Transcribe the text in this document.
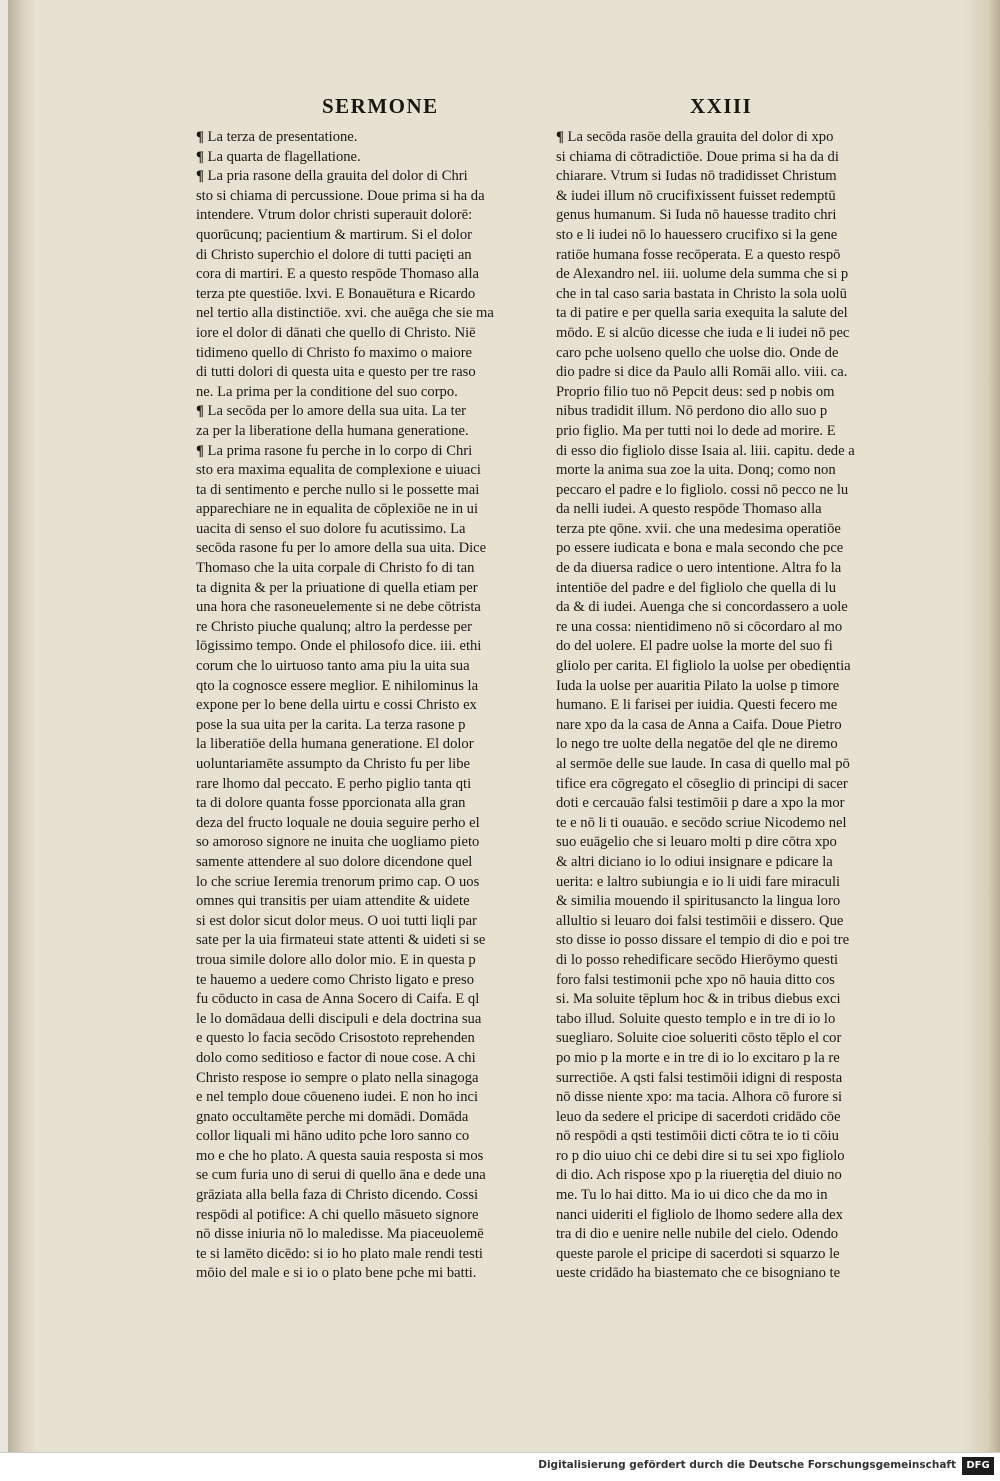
SERMONE	XXIII

¶ La terza de presentatione.

¶ La quarta de flagellatione.

¶ La pria rasone della grauita del dolor di Chri

sto si chiama di percussione. Doue prima si ha da

intendere. Vtrum dolor christi superauit dolorē:

quorūcunq; pacientium & martirum. Si el dolor

di Christo superchio el dolore di tutti pacięti an

cora di martiri. E a questo respōde Thomaso alla

terza pte questiōe. lxvi. E Bonauētura e Ricardo

nel tertio alla distinctiōe. xvi. che auēga che sie ma

iore el dolor di dānati che quello di Christo. Niē

tidimeno quello di Christo fo maximo o maiore

di tutti dolori di questa uita e questo per tre raso

ne. La prima per la conditione del suo corpo.

¶ La secōda per lo amore della sua uita. La ter

za per la liberatione della humana generatione.

¶ La prima rasone fu perche in lo corpo di Chri

sto era maxima equalita de complexione e uiuaci

ta di sentimento e perche nullo si le possette mai

apparechiare ne in equalita de cōplexiōe ne in ui

uacita di senso el suo dolore fu acutissimo. La

secōda rasone fu per lo amore della sua uita. Dice

Thomaso che la uita corpale di Christo fo di tan

ta dignita & per la priuatione di quella etiam per

una hora che rasoneuelemente si ne debe cōtrista

re Christo piuche qualunq; altro la perdesse per

lōgissimo tempo. Onde el philosofo dice. iii. ethi

corum che lo uirtuoso tanto ama piu la uita sua

qto la cognosce essere meglior. E nihilominus la

expone per lo bene della uirtu e cossi Christo ex

pose la sua uita per la carita. La terza rasone p

la liberatiōe della humana generatione. El dolor

uoluntariamēte assumpto da Christo fu per libe

rare lhomo dal peccato. E perho piglio tanta qti

ta di dolore quanta fosse pporcionata alla gran

deza del fructo loquale ne douia seguire perho el

so amoroso signore ne inuita che uogliamo pieto

samente attendere al suo dolore dicendone quel

lo che scriue Ieremia trenorum primo cap. O uos

omnes qui transitis per uiam attendite & uidete

si est dolor sicut dolor meus. O uoi tutti liqli par

sate per la uia firmateui state attenti & uideti si se

troua simile dolore allo dolor mio. E in questa p

te hauemo a uedere como Christo ligato e preso

fu cōducto in casa de Anna Socero di Caifa. E ql

le lo domādaua delli discipuli e dela doctrina sua

e questo lo facia secōdo Crisostoto reprehenden

dolo como seditioso e factor di noue cose. A chi

Christo respose io sempre o plato nella sinagoga

e nel templo doue cōueneno iudei. E non ho inci

gnato occultamēte perche mi domādi. Domāda

collor liquali mi hāno udito pche loro sanno co

mo e che ho plato. A questa sauia resposta si mos

se cum furia uno di serui di quello āna e dede una

grāziata alla bella faza di Christo dicendo. Cossi

respōdi al potifice: A chi quello māsueto signore

nō disse iniuria nō lo maledisse. Ma piaceuolemē

te si lamēto dicēdo: si io ho plato male rendi testi

mōio del male e si io o plato bene pche mi batti.

¶ La secōda rasōe della grauita del dolor di xpo

si chiama di cōtradictiōe. Doue prima si ha da di

chiarare. Vtrum si Iudas nō tradidisset Christum

& iudei illum nō crucifixissent fuisset redemptū

genus humanum. Si Iuda nō hauesse tradito chri

sto e li iudei nō lo hauessero crucifixo si la gene

ratiōe humana fosse recōperata. E a questo respō

de Alexandro nel. iii. uolume dela summa che si p

che in tal caso saria bastata in Christo la sola uolū

ta di patire e per quella saria exequita la salute del

mōdo. E si alcūo dicesse che iuda e li iudei nō pec

caro pche uolseno quello che uolse dio. Onde de

dio padre si dice da Paulo alli Romāi allo. viii. ca.

Proprio filio tuo nō Pepcit deus: sed p nobis om

nibus tradidit illum. Nō perdono dio allo suo p

prio figlio. Ma per tutti noi lo dede ad morire. E

di esso dio figliolo disse Isaia al. liii. capitu. dede a

morte la anima sua zoe la uita. Donq; como non

peccaro el padre e lo figliolo. cossi nō pecco ne lu

da nelli iudei. A questo respōde Thomaso alla

terza pte qōne. xvii. che una medesima operatiōe

po essere iudicata e bona e mala secondo che pce

de da diuersa radice o uero intentione. Altra fo la

intentiōe del padre e del figliolo che quella di lu

da & di iudei. Auenga che si concordassero a uole

re una cossa: nientidimeno nō si cōcordaro al mo

do del uolere. El padre uolse la morte del suo fi

gliolo per carita. El figliolo la uolse per obedięntia

Iuda la uolse per auaritia Pilato la uolse p timore

humano. E li farisei per iuidia. Questi fecero me

nare xpo da la casa de Anna a Caifa. Doue Pietro

lo nego tre uolte della negatōe del qle ne diremo

al sermōe delle sue laude. In casa di quello mal pō

tifice era cōgregato el cōseglio di principi di sacer

doti e cercauāo falsi testimōii p dare a xpo la mor

te e nō li ti ouauāo. e secōdo scriue Nicodemo nel

suo euāgelio che si leuaro molti p dire cōtra xpo

& altri diciano io lo odiui insignare e pdicare la

uerita: e laltro subiungia e io li uidi fare miraculi

& similia mouendo il spiritusancto la lingua loro

allultio si leuaro doi falsi testimōii e dissero. Que

sto disse io posso dissare el tempio di dio e poi tre

di lo posso rehedificare secōdo Hierōymo questi

foro falsi testimonii pche xpo nō hauia ditto cos

si. Ma soluite tēplum hoc & in tribus diebus exci

tabo illud. Soluite questo templo e in tre di io lo

suegliaro. Soluite cioe solueriti cōsto tēplo el cor

po mio p la morte e in tre di io lo excitaro p la re

surrectiōe. A qsti falsi testimōii idigni di resposta

nō disse niente xpo: ma tacia. Alhora cō furore si

leuo da sedere el pricipe di sacerdoti cridādo cōe

nō respōdi a qsti testimōii dicti cōtra te io ti cōiu

ro p dio uiuo chi ce debi dire si tu sei xpo figliolo

di dio. Ach rispose xpo p la riuerętia del diuio no

me. Tu lo hai ditto. Ma io ui dico che da mo in

nanci uideriti el figliolo de lhomo sedere alla dex

tra di dio e uenire nelle nubile del cielo. Odendo

queste parole el pricipe di sacerdoti si squarzo le

ueste cridādo ha biastemato che ce bisogniano te

Digitalisierung gefördert durch die Deutsche Forschungsgemeinschaft	DFG
